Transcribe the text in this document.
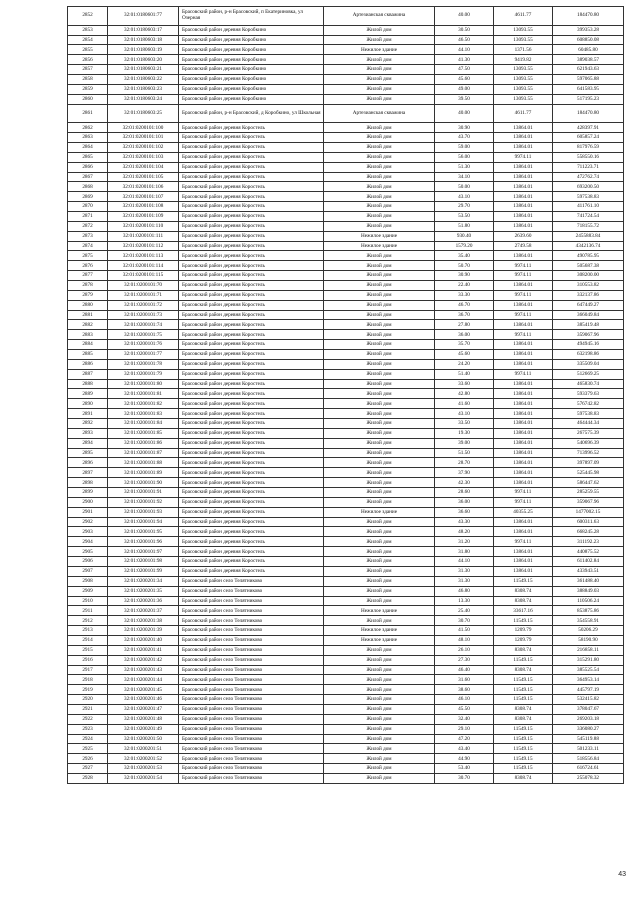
2852	32:01:0180601:77	Брасовский район, р-н Брасовский, п Екатериновка, ул Озерная	Артезианская скважина	40.00	4611.77	184470.80
2853	32:01:0180603:17	Брасовский район деревня Коробкино	Жилой дом	30.50	13093.55	399353.28
2854	32:01:0180603:18	Брасовский район деревня Коробкино	Жилой дом	46.50	13093.55	608850.08
2855	32:01:0180603:19	Брасовский район деревня Коробкино	Нежилое здание	44.10	1371.56	60485.80
2856	32:01:0180603:20	Брасовский район деревня Коробкино	Жилой дом	41.30	9419.82	389038.57
2857	32:01:0180603:21	Брасовский район деревня Коробкино	Жилой дом	47.50	13093.55	621943.63
2858	32:01:0180603:22	Брасовский район деревня Коробкино	Жилой дом	45.60	13093.55	597065.88
2859	32:01:0180603:23	Брасовский район деревня Коробкино	Жилой дом	49.00	13093.55	641583.95
2860	32:01:0180603:24	Брасовский район деревня Коробкино	Жилой дом	39.50	13093.55	517195.23
2861	32:01:0180603:25	Брасовский район, р-н Брасовский, д Коробкино, ул Школьная	Артезианская скважина	40.00	4611.77	184470.80
2862	32:01:0200101:100	Брасовский район деревня Коростель	Жилой дом	30.90	13864.01	428397.91
2863	32:01:0200101:101	Брасовский район деревня Коростель	Жилой дом	43.70	13864.01	605857.24
2864	32:01:0200101:102	Брасовский район деревня Коростель	Жилой дом	59.00	13864.01	817976.59
2865	32:01:0200101:103	Брасовский район деревня Коростель	Жилой дом	56.00	9974.11	558550.16
2866	32:01:0200101:104	Брасовский район деревня Коростель	Жилой дом	51.30	13864.01	711223.71
2867	32:01:0200101:105	Брасовский район деревня Коростель	Жилой дом	34.10	13864.01	472762.74
2868	32:01:0200101:106	Брасовский район деревня Коростель	Жилой дом	50.00	13864.01	693200.50
2869	32:01:0200101:107	Брасовский район деревня Коростель	Жилой дом	43.10	13864.01	597538.83
2870	32:01:0200101:108	Брасовский район деревня Коростель	Жилой дом	29.70	13864.01	411761.10
2871	32:01:0200101:109	Брасовский район деревня Коростель	Жилой дом	53.50	13864.01	741724.54
2872	32:01:0200101:110	Брасовский район деревня Коростель	Жилой дом	51.80	13864.01	718155.72
2873	32:01:0200101:111	Брасовский район деревня Коростель	Нежилое здание	930.40	2639.60	2455883.84
2874	32:01:0200101:112	Брасовский район деревня Коростель	Нежилое здание	1579.20	2749.58	4342136.74
2875	32:01:0200101:113	Брасовский район деревня Коростель	Жилой дом	35.40	13864.01	490785.95
2876	32:01:0200101:114	Брасовский район деревня Коростель	Жилой дом	50.70	9974.11	505687.38
2877	32:01:0200101:115	Брасовский район деревня Коростель	Жилой дом	30.90	9974.11	308200.00
2878	32:01:0200101:70	Брасовский район деревня Коростель	Жилой дом	22.40	13864.01	310553.82
2879	32:01:0200101:71	Брасовский район деревня Коростель	Жилой дом	33.30	9974.11	332137.86
2880	32:01:0200101:72	Брасовский район деревня Коростель	Жилой дом	46.70	13864.01	647449.27
2881	32:01:0200101:73	Брасовский район деревня Коростель	Жилой дом	36.70	9974.11	366049.84
2882	32:01:0200101:74	Брасовский район деревня Коростель	Жилой дом	27.80	13864.01	385419.48
2883	32:01:0200101:75	Брасовский район деревня Коростель	Жилой дом	36.00	9974.11	359067.96
2884	32:01:0200101:76	Брасовский район деревня Коростель	Жилой дом	35.70	13864.01	494945.16
2885	32:01:0200101:77	Брасовский район деревня Коростель	Жилой дом	45.60	13864.01	632198.86
2886	32:01:0200101:78	Брасовский район деревня Коростель	Жилой дом	24.20	13864.01	335509.04
2887	32:01:0200101:79	Брасовский район деревня Коростель	Жилой дом	51.40	9974.11	512669.25
2888	32:01:0200101:80	Брасовский район деревня Коростель	Жилой дом	33.60	13864.01	465830.74
2889	32:01:0200101:81	Брасовский район деревня Коростель	Жилой дом	42.80	13864.01	593379.63
2890	32:01:0200101:82	Брасовский район деревня Коростель	Жилой дом	41.60	13864.01	576742.82
2891	32:01:0200101:83	Брасовский район деревня Коростель	Жилой дом	43.10	13864.01	597538.83
2892	32:01:0200101:84	Брасовский район деревня Коростель	Жилой дом	33.50	13864.01	464444.34
2893	32:01:0200101:85	Брасовский район деревня Коростель	Жилой дом	19.30	13864.01	267575.39
2894	32:01:0200101:86	Брасовский район деревня Коростель	Жилой дом	39.00	13864.01	540696.39
2895	32:01:0200101:87	Брасовский район деревня Коростель	Жилой дом	51.50	13864.01	713996.52
2896	32:01:0200101:88	Брасовский район деревня Коростель	Жилой дом	28.70	13864.01	397897.09
2897	32:01:0200101:89	Брасовский район деревня Коростель	Жилой дом	37.90	13864.01	525445.98
2898	32:01:0200101:90	Брасовский район деревня Коростель	Жилой дом	42.30	13864.01	586447.62
2899	32:01:0200101:91	Брасовский район деревня Коростель	Жилой дом	28.60	9974.11	285259.55
2900	32:01:0200101:92	Брасовский район деревня Коростель	Жилой дом	36.00	9974.11	359067.96
2901	32:01:0200101:93	Брасовский район деревня Коростель	Нежилое здание	36.60	40355.25	1477002.15
2902	32:01:0200101:94	Брасовский район деревня Коростель	Жилой дом	43.30	13864.01	600311.63
2903	32:01:0200101:95	Брасовский район деревня Коростель	Жилой дом	48.20	13864.01	668245.28
2904	32:01:0200101:96	Брасовский район деревня Коростель	Жилой дом	31.20	9974.11	311192.23
2905	32:01:0200101:97	Брасовский район деревня Коростель	Жилой дом	31.80	13864.01	440875.52
2906	32:01:0200101:98	Брасовский район деревня Коростель	Жилой дом	44.10	13864.01	611402.84
2907	32:01:0200101:99	Брасовский район деревня Коростель	Жилой дом	31.30	13864.01	433943.51
2908	32:01:0200201:34	Брасовский район село Телятниково	Жилой дом	31.30	11549.15	361488.40
2909	32:01:0200201:35	Брасовский район село Телятниково	Жилой дом	46.80	8308.74	388849.03
2910	32:01:0200201:36	Брасовский район село Телятниково	Жилой дом	13.30	8308.74	110506.24
2911	32:01:0200201:37	Брасовский район село Телятниково	Нежилое здание	25.40	33617.16	853875.86
2912	32:01:0200201:38	Брасовский район село Телятниково	Жилой дом	30.70	11549.15	354558.91
2913	32:01:0200201:39	Брасовский район село Телятниково	Нежилое здание	41.50	1209.79	50206.29
2914	32:01:0200201:40	Брасовский район село Телятниково	Нежилое здание	48.10	1209.79	58190.90
2915	32:01:0200201:41	Брасовский район село Телятниково	Жилой дом	26.10	8308.74	216858.11
2916	32:01:0200201:42	Брасовский район село Телятниково	Жилой дом	27.30	11549.15	315291.80
2917	32:01:0200201:43	Брасовский район село Телятниково	Жилой дом	46.40	8308.74	385525.54
2918	32:01:0200201:44	Брасовский район село Телятниково	Жилой дом	31.60	11549.15	364953.14
2919	32:01:0200201:45	Брасовский район село Телятниково	Жилой дом	38.60	11549.15	445797.19
2920	32:01:0200201:46	Брасовский район село Телятниково	Жилой дом	46.10	11549.15	532415.82
2921	32:01:0200201:47	Брасовский район село Телятниково	Жилой дом	45.50	8308.74	378047.67
2922	32:01:0200201:48	Брасовский район село Телятниково	Жилой дом	32.40	8308.74	269203.18
2923	32:01:0200201:49	Брасовский район село Телятниково	Жилой дом	29.10	11549.15	336080.27
2924	32:01:0200201:50	Брасовский район село Телятниково	Жилой дом	47.20	11549.15	545119.88
2925	32:01:0200201:51	Брасовский район село Телятниково	Жилой дом	43.40	11549.15	501233.11
2926	32:01:0200201:52	Брасовский район село Телятниково	Жилой дом	44.90	11549.15	518556.84
2927	32:01:0200201:53	Брасовский район село Телятниково	Жилой дом	53.40	11549.15	616724.61
2928	32:01:0200201:54	Брасовский район село Телятниково	Жилой дом	30.70	8308.74	255078.32
43
